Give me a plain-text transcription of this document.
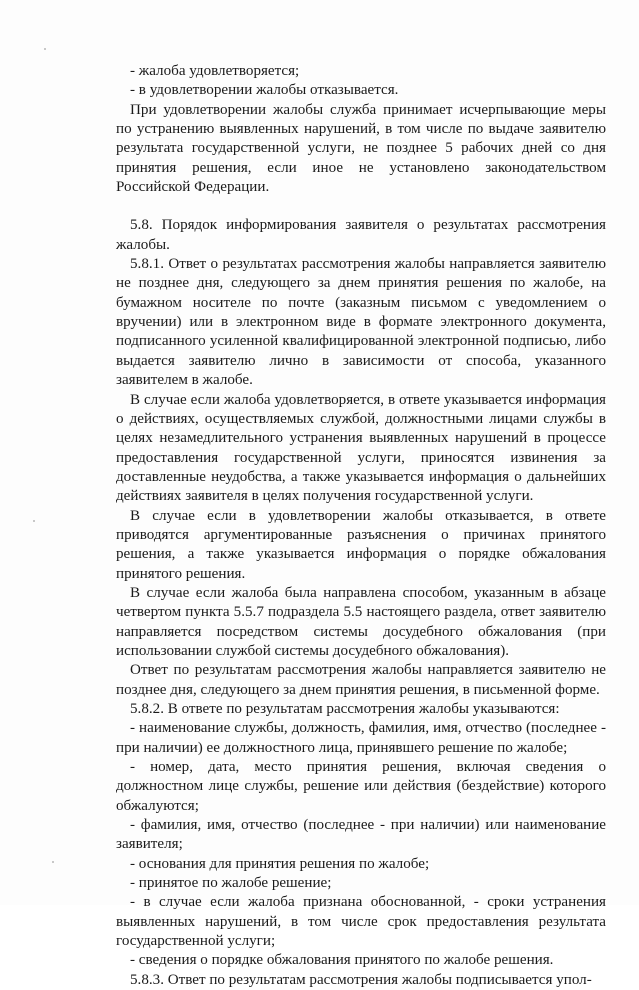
- жалоба удовлетворяется;

- в удовлетворении жалобы отказывается.

При удовлетворении жалобы служба принимает исчерпывающие меры по устранению выявленных нарушений, в том числе по выдаче заявителю результата государственной услуги, не позднее 5 рабочих дней со дня принятия решения, если иное не установлено законодательством Российской Федерации.

5.8. Порядок информирования заявителя о результатах рассмотрения жалобы.

5.8.1. Ответ о результатах рассмотрения жалобы направляется заявителю не позднее дня, следующего за днем принятия решения по жалобе, на бумажном носителе по почте (заказным письмом с уведомлением о вручении) или в электронном виде в формате электронного документа, подписанного усиленной квалифицированной электронной подписью, либо выдается заявителю лично в зависимости от способа, указанного заявителем в жалобе.

В случае если жалоба удовлетворяется, в ответе указывается информация о действиях, осуществляемых службой, должностными лицами службы в целях незамедлительного устранения выявленных нарушений в процессе предоставления государственной услуги, приносятся извинения за доставленные неудобства, а также указывается информация о дальнейших действиях заявителя в целях получения государственной услуги.

В случае если в удовлетворении жалобы отказывается, в ответе приводятся аргументированные разъяснения о причинах принятого решения, а также указывается информация о порядке обжалования принятого решения.

В случае если жалоба была направлена способом, указанным в абзаце четвертом пункта 5.5.7 подраздела 5.5 настоящего раздела, ответ заявителю направляется посредством системы досудебного обжалования (при использовании службой системы досудебного обжалования).

Ответ по результатам рассмотрения жалобы направляется заявителю не позднее дня, следующего за днем принятия решения, в письменной форме.

5.8.2. В ответе по результатам рассмотрения жалобы указываются:

- наименование службы, должность, фамилия, имя, отчество (последнее - при наличии) ее должностного лица, принявшего решение по жалобе;

- номер, дата, место принятия решения, включая сведения о должностном лице службы, решение или действия (бездействие) которого обжалуются;

- фамилия, имя, отчество (последнее - при наличии) или наименование заявителя;

- основания для принятия решения по жалобе;

- принятое по жалобе решение;

- в случае если жалоба признана обоснованной, - сроки устранения выявленных нарушений, в том числе срок предоставления результата государственной услуги;

- сведения о порядке обжалования принятого по жалобе решения.

5.8.3. Ответ по результатам рассмотрения жалобы подписывается упол-
